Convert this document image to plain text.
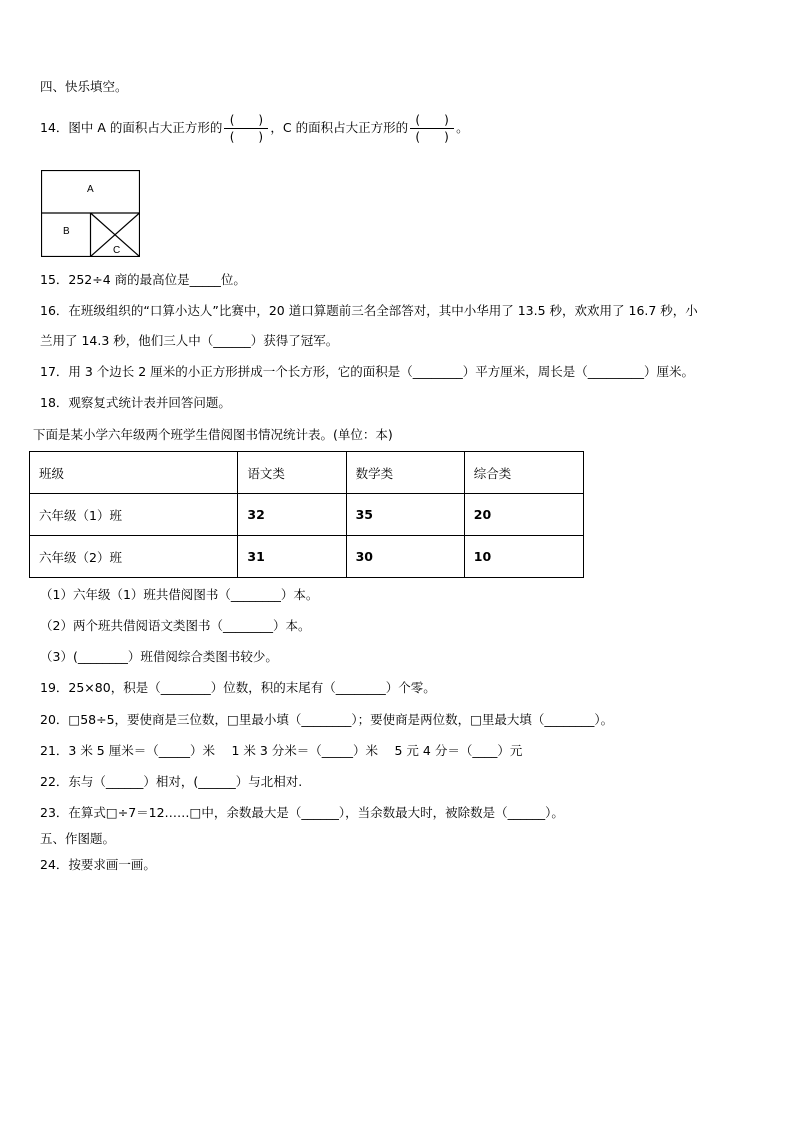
四、快乐填空。
14．图中 A 的面积占大正方形的 $\frac{( )}{( )}$ ，C 的面积占大正方形的 $\frac{( )}{( )}$ 。
A
B
C
15．252÷4 商的最高位是_____位。
16．在班级组织的“口算小达人”比赛中，20 道口算题前三名全部答对，其中小华用了 13.5 秒，欢欢用了 16.7 秒，小
兰用了 14.3 秒，他们三人中（______）获得了冠军。
17．用 3 个边长 2 厘米的小正方形拼成一个长方形，它的面积是（________）平方厘米，周长是（_________）厘米。
18．观察复式统计表并回答问题。
下面是某小学六年级两个班学生借阅图书情况统计表。(单位：本)
班级	语文类	数学类	综合类
六年级（1）班	32	35	20
六年级（2）班	31	30	10
（1）六年级（1）班共借阅图书（________）本。
（2）两个班共借阅语文类图书（________）本。
（3）(________）班借阅综合类图书较少。
19．25×80，积是（________）位数，积的末尾有（________）个零。
20．□58÷5，要使商是三位数，□里最小填（________）；要使商是两位数，□里最大填（________）。
21．3 米 5 厘米＝（_____）米　 1 米 3 分米＝（_____）米　 5 元 4 分＝（____）元
22．东与（______）相对，(______）与北相对.
23．在算式□÷7＝12……□中，余数最大是（______），当余数最大时，被除数是（______）。
五、作图题。
24．按要求画一画。
